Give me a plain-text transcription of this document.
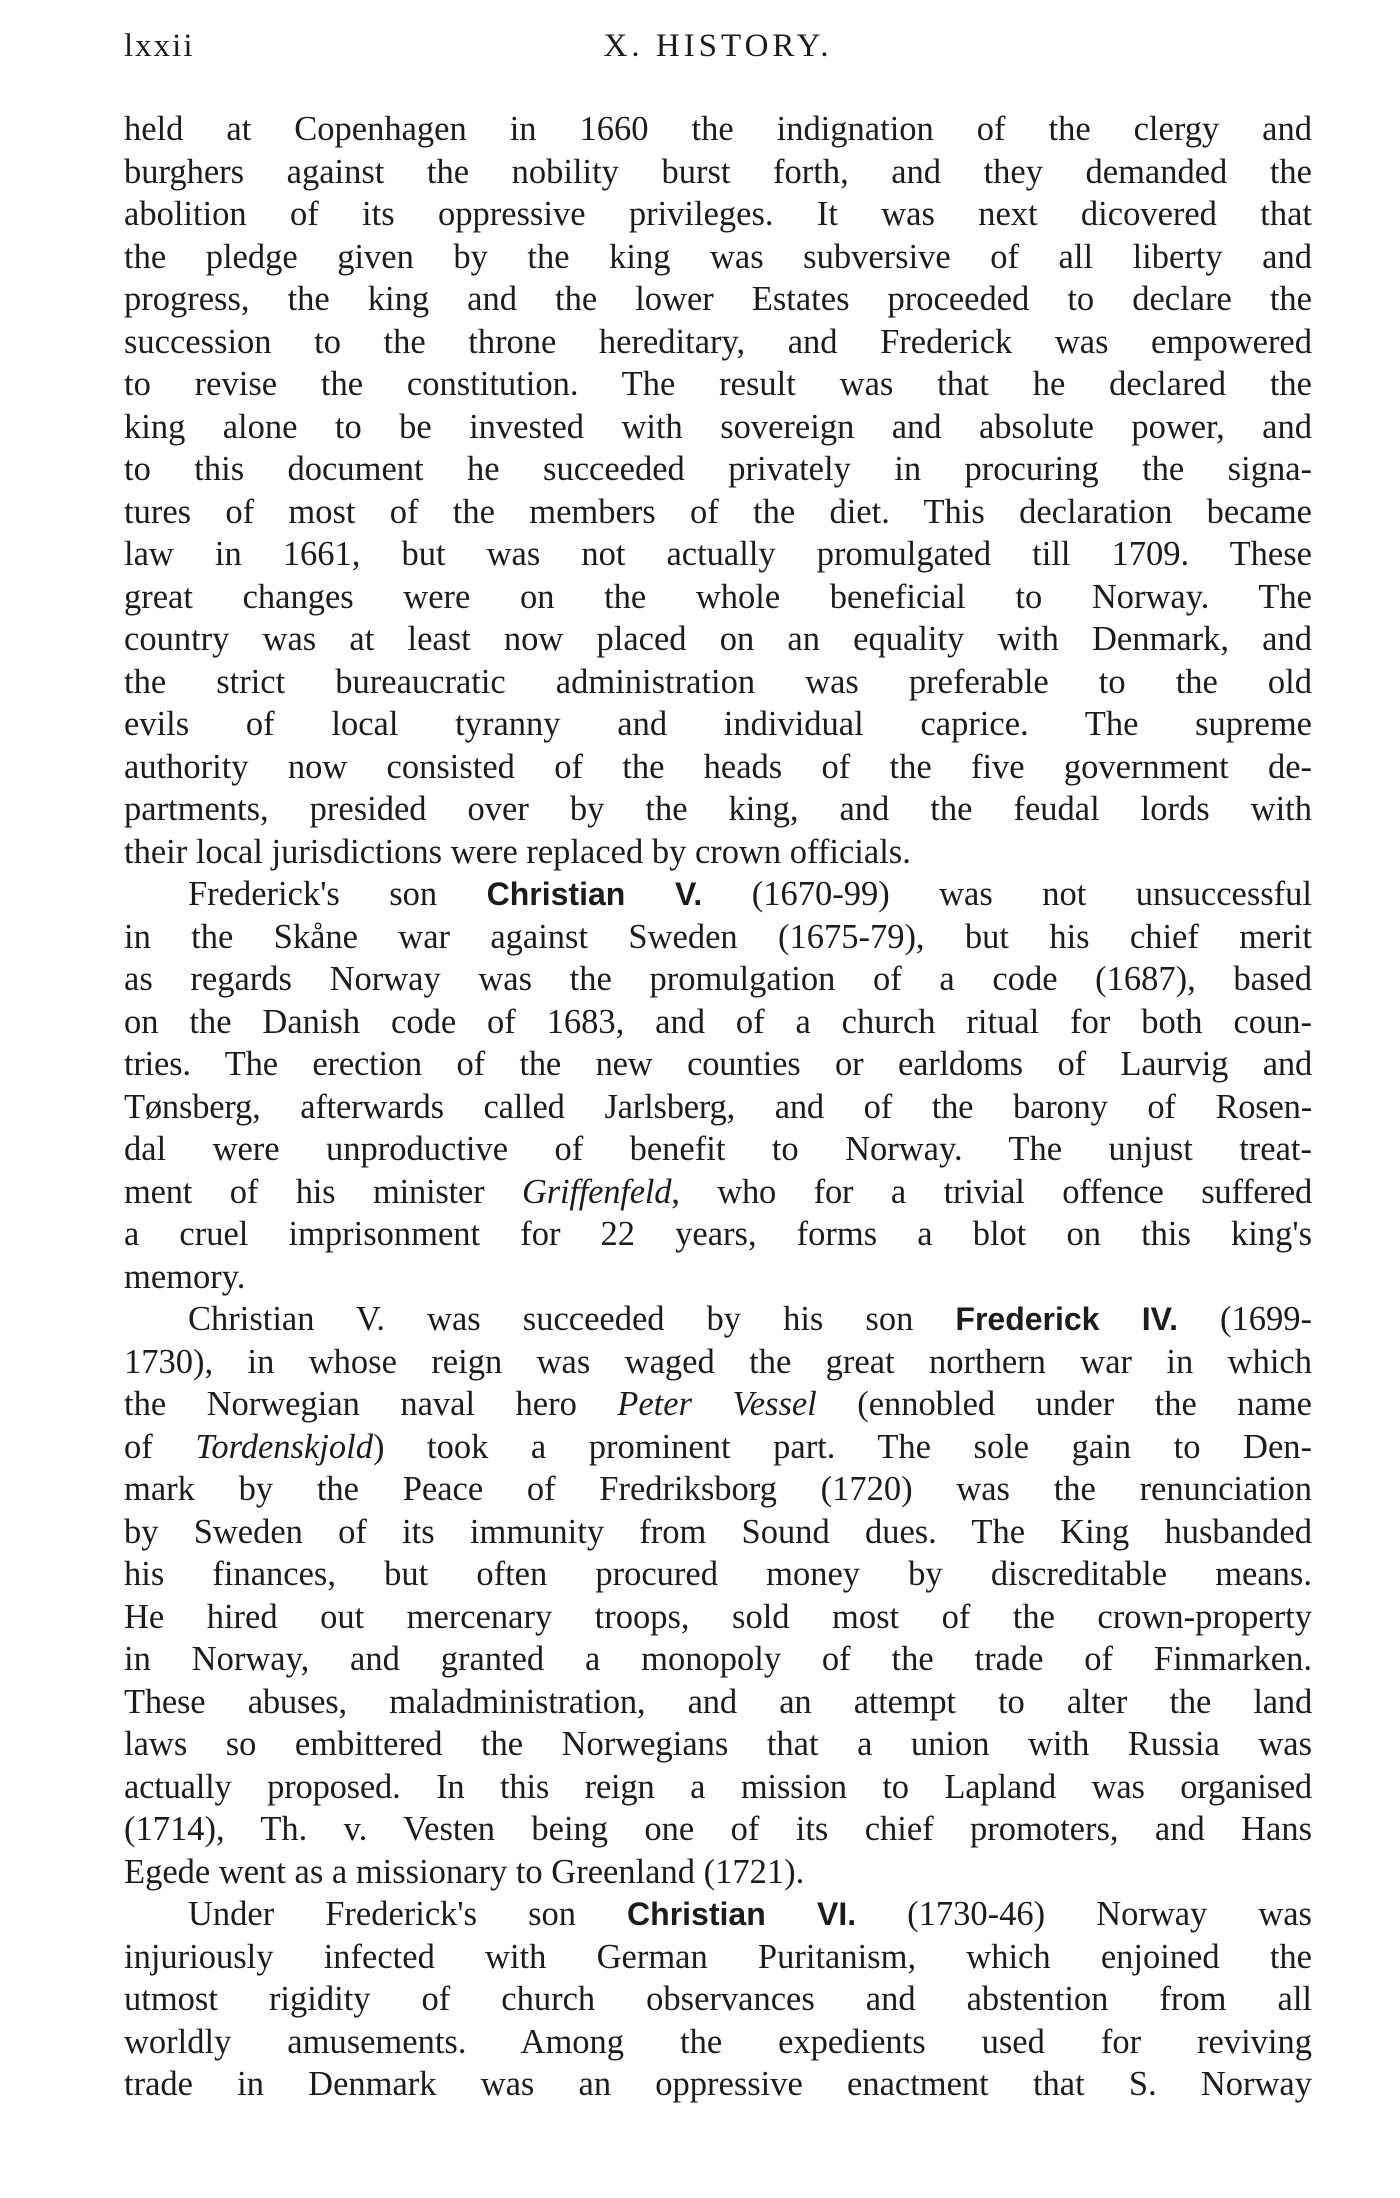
lxxii	X. HISTORY.
held at Copenhagen in 1660 the indignation of the clergy and
burghers against the nobility burst forth, and they demanded the
abolition of its oppressive privileges. It was next dicovered that
the pledge given by the king was subversive of all liberty and
progress, the king and the lower Estates proceeded to declare the
succession to the throne hereditary, and Frederick was empowered
to revise the constitution. The result was that he declared the
king alone to be invested with sovereign and absolute power, and
to this document he succeeded privately in procuring the signa-
tures of most of the members of the diet. This declaration became
law in 1661, but was not actually promulgated till 1709. These
great changes were on the whole beneficial to Norway. The
country was at least now placed on an equality with Denmark, and
the strict bureaucratic administration was preferable to the old
evils of local tyranny and individual caprice. The supreme
authority now consisted of the heads of the five government de-
partments, presided over by the king, and the feudal lords with
their local jurisdictions were replaced by crown officials.
Frederick's son Christian V. (1670-99) was not unsuccessful
in the Skåne war against Sweden (1675-79), but his chief merit
as regards Norway was the promulgation of a code (1687), based
on the Danish code of 1683, and of a church ritual for both coun-
tries. The erection of the new counties or earldoms of Laurvig and
Tønsberg, afterwards called Jarlsberg, and of the barony of Rosen-
dal were unproductive of benefit to Norway. The unjust treat-
ment of his minister Griffenfeld, who for a trivial offence suffered
a cruel imprisonment for 22 years, forms a blot on this king's
memory.
Christian V. was succeeded by his son Frederick IV. (1699-
1730), in whose reign was waged the great northern war in which
the Norwegian naval hero Peter Vessel (ennobled under the name
of Tordenskjold) took a prominent part. The sole gain to Den-
mark by the Peace of Fredriksborg (1720) was the renunciation
by Sweden of its immunity from Sound dues. The King husbanded
his finances, but often procured money by discreditable means.
He hired out mercenary troops, sold most of the crown-property
in Norway, and granted a monopoly of the trade of Finmarken.
These abuses, maladministration, and an attempt to alter the land
laws so embittered the Norwegians that a union with Russia was
actually proposed. In this reign a mission to Lapland was organised
(1714), Th. v. Vesten being one of its chief promoters, and Hans
Egede went as a missionary to Greenland (1721).
Under Frederick's son Christian VI. (1730-46) Norway was
injuriously infected with German Puritanism, which enjoined the
utmost rigidity of church observances and abstention from all
worldly amusements. Among the expedients used for reviving
trade in Denmark was an oppressive enactment that S. Norway
